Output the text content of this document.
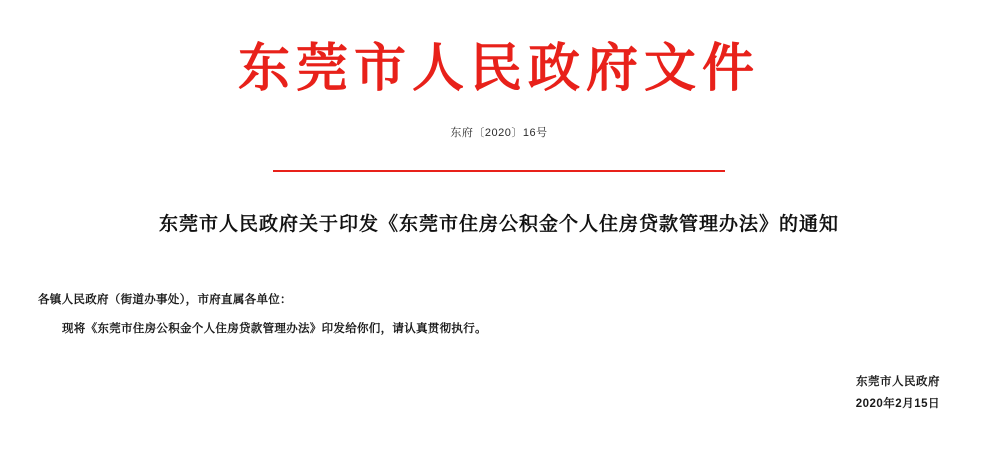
东莞市人民政府文件
东府〔2020〕16号
东莞市人民政府关于印发《东莞市住房公积金个人住房贷款管理办法》的通知
各镇人民政府（街道办事处），市府直属各单位：
现将《东莞市住房公积金个人住房贷款管理办法》印发给你们，请认真贯彻执行。
东莞市人民政府
2020年2月15日
